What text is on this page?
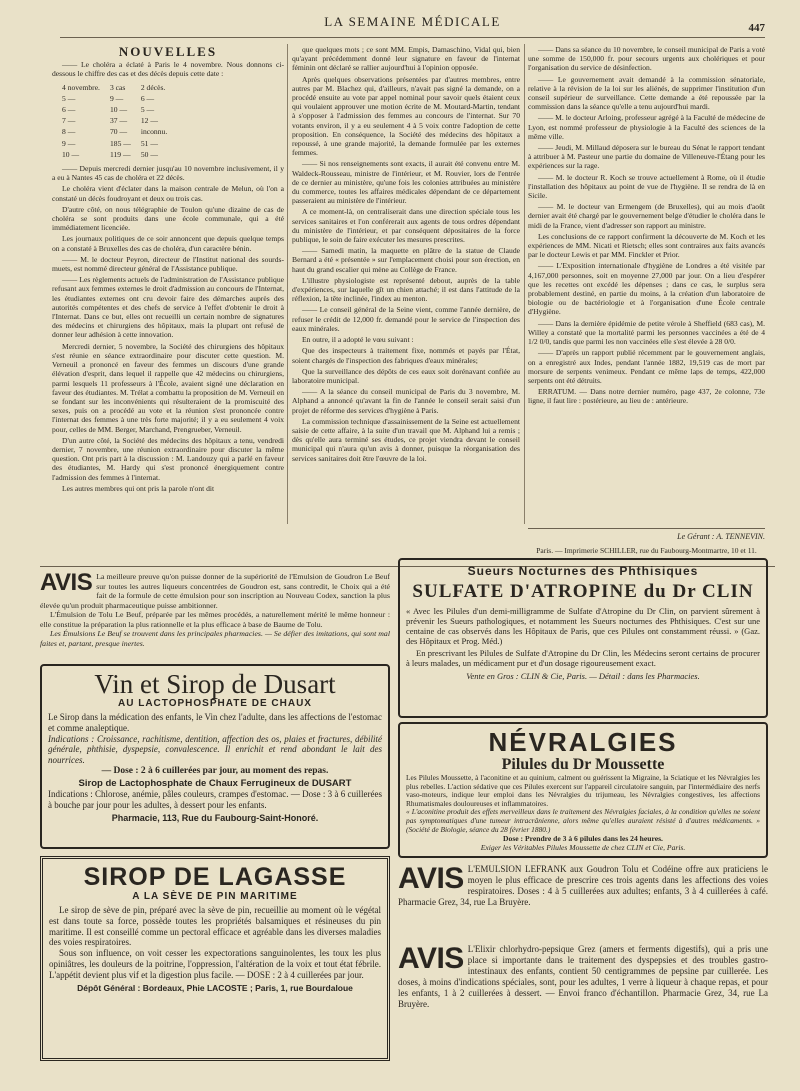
LA SEMAINE MÉDICALE	447
NOUVELLES

—— Le choléra a éclaté à Paris le 4 novembre. Nous donnons ci-dessous le chiffre des cas et des décès depuis cette date :

4 novembre.	3 cas	2 décès.
5 —	9 —	6 —
6 —	10 —	5 —
7 —	37 —	12 —
8 —	70 —	inconnu.
9 —	185 —	51 —
10 —	119 —	50 —

—— Depuis mercredi dernier jusqu'au 10 novembre inclusivement, il y a eu à Nantes 45 cas de choléra et 22 décès.

Le choléra vient d'éclater dans la maison centrale de Melun, où l'on a constaté un décès foudroyant et deux ou trois cas.

D'autre côté, on nous télégraphie de Toulon qu'une dizaine de cas de choléra se sont produits dans une école communale, qui a été immédiatement licenciée.

Les journaux politiques de ce soir annoncent que depuis quelque temps on a constaté à Bruxelles des cas de choléra, d'un caractère bénin.

—— M. le docteur Peyron, directeur de l'Institut national des sourds-muets, est nommé directeur général de l'Assistance publique.

—— Les règlements actuels de l'administration de l'Assistance publique refusant aux femmes externes le droit d'admission au concours de l'Internat, les étudiantes externes ont cru devoir faire des démarches auprès des autorités compétentes et des chefs de service à l'effet d'obtenir le droit à l'Internat. Dans ce but, elles ont recueilli un certain nombre de signatures des médecins et chirurgiens des hôpitaux, mais la plupart ont refusé de donner leur adhésion à cette innovation.

Mercredi dernier, 5 novembre, la Société des chirurgiens des hôpitaux s'est réunie en séance extraordinaire pour discuter cette question. M. Verneuil a prononcé en faveur des femmes un discours d'une grande élévation d'esprit, dans lequel il rappelle que 42 médecins ou chirurgiens, parmi lesquels 11 professeurs à l'École, avaient signé une déclaration en faveur des étudiantes. M. Trélat a combattu la proposition de M. Verneuil en se fondant sur les inconvénients qui résulteraient de la promiscuité des sexes, puis on a procédé au vote et la réunion s'est prononcée contre l'internat des femmes à une très forte majorité; il y a eu seulement 4 voix pour, celles de MM. Berger, Marchand, Prengrueber, Verneuil.

D'un autre côté, la Société des médecins des hôpitaux a tenu, vendredi dernier, 7 novembre, une réunion extraordinaire pour discuter la même question. Ont pris part à la discussion : M. Landouzy qui a parlé en faveur des étudiantes, M. Hardy qui s'est prononcé énergiquement contre l'admission des femmes à l'internat.

Les autres membres qui ont pris la parole n'ont dit

que quelques mots ; ce sont MM. Empis, Damaschino, Vidal qui, bien qu'ayant précédemment donné leur signature en faveur de l'internat féminin ont déclaré se rallier aujourd'hui à l'opinion opposée.

Après quelques observations présentées par d'autres membres, entre autres par M. Blachez qui, d'ailleurs, n'avait pas signé la demande, on a procédé ensuite au vote par appel nominal pour savoir quels étaient ceux qui voulaient approuver une motion écrite de M. Moutard-Martin, tendant à s'opposer à l'admission des femmes au concours de l'internat. Sur 70 votants environ, il y a eu seulement 4 à 5 voix contre l'adoption de cette proposition. En conséquence, la Société des médecins des hôpitaux a repoussé, à une grande majorité, la demande formulée par les externes femmes.

—— Si nos renseignements sont exacts, il aurait été convenu entre M. Waldeck-Rousseau, ministre de l'intérieur, et M. Rouvier, lors de l'entrée de ce dernier au ministère, qu'une fois les colonies attribuées au ministère du commerce, toutes les affaires médicales dépendant de ce département passeraient au ministère de l'intérieur.

A ce moment-là, on centraliserait dans une direction spéciale tous les services sanitaires et l'on conférerait aux agents de tous ordres dépendant du ministère de l'intérieur, et par conséquent dépositaires de la force publique, le soin de faire exécuter les mesures prescrites.

—— Samedi matin, la maquette en plâtre de la statue de Claude Bernard a été « présentée » sur l'emplacement choisi pour son érection, en haut du grand escalier qui mène au Collège de France.

L'illustre physiologiste est représenté debout, auprès de la table d'expériences, sur laquelle gît un chien attaché; il est dans l'attitude de la réflexion, la tête inclinée, l'index au menton.

—— Le conseil général de la Seine vient, comme l'année dernière, de refuser le crédit de 12,000 fr. demandé pour le service de l'inspection des eaux minérales.

En outre, il a adopté le vœu suivant :

Que des inspecteurs à traitement fixe, nommés et payés par l'État, soient chargés de l'inspection des fabriques d'eaux minérales;

Que la surveillance des dépôts de ces eaux soit dorénavant confiée au laboratoire municipal.

—— A la séance du conseil municipal de Paris du 3 novembre, M. Alphand a annoncé qu'avant la fin de l'année le conseil serait saisi d'un projet de réforme des services d'hygiène à Paris.

La commission technique d'assainissement de la Seine est actuellement saisie de cette affaire, à la suite d'un travail que M. Alphand lui a remis ; dès qu'elle aura terminé ses études, ce projet viendra devant le conseil municipal qui n'aura qu'un avis à donner, puisque la réorganisation des services sanitaires doit être l'œuvre de la loi.

—— Dans sa séance du 10 novembre, le conseil municipal de Paris a voté une somme de 150,000 fr. pour secours urgents aux cholériques et pour l'organisation du service de désinfection.

—— Le gouvernement avait demandé à la commission sénatoriale, relative à la révision de la loi sur les aliénés, de supprimer l'institution d'un conseil supérieur de surveillance. Cette demande a été repoussée par la commission dans la séance qu'elle a tenu aujourd'hui mardi.

—— M. le docteur Arloing, professeur agrégé à la Faculté de médecine de Lyon, est nommé professeur de physiologie à la Faculté des sciences de la même ville.

—— Jeudi, M. Millaud déposera sur le bureau du Sénat le rapport tendant à attribuer à M. Pasteur une partie du domaine de Villeneuve-l'Étang pour les expériences sur la rage.

—— M. le docteur R. Koch se trouve actuellement à Rome, où il étudie l'installation des hôpitaux au point de vue de l'hygiène. Il se rendra de là en Sicile.

—— M. le docteur van Ermengem (de Bruxelles), qui au mois d'août dernier avait été chargé par le gouvernement belge d'étudier le choléra dans le midi de la France, vient d'adresser son rapport au ministre.

Les conclusions de ce rapport confirment la découverte de M. Koch et les expériences de MM. Nicati et Rietsch; elles sont contraires aux faits avancés par le docteur Lewis et par MM. Finckler et Prior.

—— L'Exposition internationale d'hygiène de Londres a été visitée par 4,167,000 personnes, soit en moyenne 27,000 par jour. On a lieu d'espérer que les recettes ont excédé les dépenses ; dans ce cas, le surplus sera probablement destiné, en partie du moins, à la création d'un laboratoire de biologie ou de bactériologie et à l'organisation d'une École centrale d'Hygiène.

—— Dans la dernière épidémie de petite vérole à Sheffield (683 cas), M. Willey a constaté que la mortalité parmi les personnes vaccinées a été de 4 1/2 0/0, tandis que parmi les non vaccinées elle s'est élevée à 28 0/0.

—— D'après un rapport publié récemment par le gouvernement anglais, on a enregistré aux Indes, pendant l'année 1882, 19,519 cas de mort par morsure de serpents venimeux. Pendant ce même laps de temps, 422,000 serpents ont été détruits.

ERRATUM. — Dans notre dernier numéro, page 437, 2e colonne, 73e ligne, il faut lire : postérieure, au lieu de : antérieure.

Le Gérant : A. TENNEVIN.
Paris. — Imprimerie SCHILLER, rue du Faubourg-Montmartre, 10 et 11.
AVIS La meilleure preuve qu'on puisse donner de la supériorité de l'Emulsion de Goudron Le Beuf sur toutes les autres liqueurs concentrées de Goudron est, sans contredit, le Choix qui a été fait de la formule de cette émulsion pour son inscription au Nouveau Codex, sanction la plus élevée qu'un produit pharmaceutique puisse ambitionner.
L'Émulsion de Tolu Le Beuf, préparée par les mêmes procédés, a naturellement mérité le même honneur : elle constitue la préparation la plus rationnelle et la plus efficace à base de Baume de Tolu.
Les Émulsions Le Beuf se trouvent dans les principales pharmacies. — Se défier des imitations, qui sont mal faites et, partant, presque inertes.
Vin et Sirop de Dusart
AU LACTOPHOSPHATE DE CHAUX
Le Sirop dans la médication des enfants, le Vin chez l'adulte, dans les affections de l'estomac et comme analeptique.
Indications : Croissance, rachitisme, dentition, affection des os, plaies et fractures, débilité générale, phthisie, dyspepsie, convalescence. Il enrichit et rend abondant le lait des nourrices.
— Dose : 2 à 6 cuillerées par jour, au moment des repas.
Sirop de Lactophosphate de Chaux Ferrugineux de DUSART
Indications : Chlorose, anémie, pâles couleurs, crampes d'estomac. — Dose : 3 à 6 cuillerées à bouche par jour pour les adultes, à dessert pour les enfants.
Pharmacie, 113, Rue du Faubourg-Saint-Honoré.
SIROP DE LAGASSE
A LA SÈVE DE PIN MARITIME
Le sirop de sève de pin, préparé avec la sève de pin, recueillie au moment où le végétal est dans toute sa force, possède toutes les propriétés balsamiques et résineuses du pin maritime. Il est conseillé comme un pectoral efficace et agréable dans les diverses maladies des voies respiratoires.
Sous son influence, on voit cesser les expectorations sanguinolentes, les toux les plus opiniâtres, les douleurs de la poitrine, l'oppression, l'altération de la voix et tout état fébrile. L'appétit devient plus vif et la digestion plus facile. — DOSE : 2 à 4 cuillerées par jour.
Dépôt Général : Bordeaux, Phie LACOSTE ; Paris, 1, rue Bourdaloue
Sueurs Nocturnes des Phthisiques
SULFATE D'ATROPINE du Dr CLIN
« Avec les Pilules d'un demi-milligramme de Sulfate d'Atropine du Dr Clin, on parvient sûrement à prévenir les Sueurs pathologiques, et notamment les Sueurs nocturnes des Phthisiques. C'est sur une centaine de cas observés dans les Hôpitaux de Paris, que ces Pilules ont constamment réussi. » (Gaz. des Hôpitaux et Prog. Méd.)
En prescrivant les Pilules de Sulfate d'Atropine du Dr Clin, les Médecins seront certains de procurer à leurs malades, un médicament pur et d'un dosage rigoureusement exact.
Vente en Gros : CLIN & Cie, Paris. — Détail : dans les Pharmacies.
NÉVRALGIES
Pilules du Dr Moussette
Les Pilules Moussette, à l'aconitine et au quinium, calment ou guérissent la Migraine, la Sciatique et les Névralgies les plus rebelles. L'action sédative que ces Pilules exercent sur l'appareil circulatoire sanguin, par l'intermédiaire des nerfs vaso-moteurs, indique leur emploi dans les Névralgies du trijumeau, les Névralgies congestives, les affections Rhumatismales douloureuses et inflammatoires.
« L'aconitine produit des effets merveilleux dans le traitement des Névralgies faciales, à la condition qu'elles ne soient pas symptomatiques d'une tumeur intracrânienne, alors même qu'elles auraient résisté à d'autres médicaments. » (Société de Biologie, séance du 28 février 1880.)
Dose : Prendre de 3 à 6 pilules dans les 24 heures.
Exiger les Véritables Pilules Moussette de chez CLIN et Cie, Paris.
AVIS L'EMULSION LEFRANK aux Goudron Tolu et Codéine offre aux praticiens le moyen le plus efficace de prescrire ces trois agents dans les affections des voies respiratoires. Doses : 4 à 5 cuillerées aux adultes; enfants, 3 à 4 cuillerées à café. Pharmacie Grez, 34, rue La Bruyère.
AVIS L'Elixir chlorhydro-pepsique Grez (amers et ferments digestifs), qui a pris une place si importante dans le traitement des dyspepsies et des troubles gastro-intestinaux des enfants, contient 50 centigrammes de pepsine par cuillerée. Les doses, à moins d'indications spéciales, sont, pour les adultes, 1 verre à liqueur à chaque repas, et pour les enfants, 1 à 2 cuillerées à dessert. — Envoi franco d'échantillon. Pharmacie Grez, 34, rue La Bruyère.
